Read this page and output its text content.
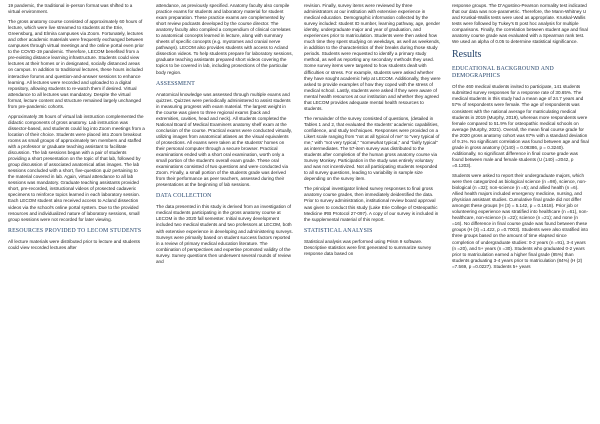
19 pandemic, the traditional in-person format was shifted to a virtual environment.

The gross anatomy course consisted of approximately 60 hours of lecture, which were live streamed to students at the Erie, Greensburg, and Elmira campuses via Zoom. Fortunately, lectures and other academic materials were frequently exchanged between campuses through virtual meetings and the online portal even prior to the COVID-19 pandemic. Therefore, LECOM benefited from a pre-existing distance learning infrastructure. Students could view lectures at their homes or in designated, socially distanced areas on campus. In addition to traditional lectures, these hours included interactive forums and question-and-answer sessions to enhance learning. All lectures were recorded and uploaded to a digital repository, allowing students to re-watch them if desired. Virtual attendance to all lectures was mandatory. Despite the virtual format, lecture content and structure remained largely unchanged from pre-pandemic cohorts.

Approximately 36 hours of virtual lab instruction complemented the didactic components of gross anatomy. Lab instruction was dissector-based, and students could log into Zoom meetings from a location of their choice. Students were placed into Zoom breakout rooms as small groups of approximately ten members and staffed with a professor or graduate teaching assistant to facilitate discussion. The lab sessions began with a pair of students providing a short presentation on the topic of that lab, followed by group discussion of associated anatomical atlas images. The lab sessions concluded with a short, five-question quiz pertaining to the material covered in lab. Again, virtual attendance to all lab sessions was mandatory. Graduate teaching assistants provided short, pre-recorded, instructional videos of prosected cadaveric specimens to reinforce topics learned in each laboratory session. Each LECOM student also received access to Acland dissection videos via the school's online portal system. Due to the provided resources and individualized nature of laboratory sessions, small group sessions were not recorded for later viewing.

RESOURCES PROVIDED TO LECOM STUDENTS

All lecture materials were distributed prior to lecture and students could view recorded lectures after

attendance, as previously specified. Anatomy faculty also compile practice exams for students and laboratory material for student exam preparation. These practice exams are complemented by short review podcasts developed by the course director. The anatomy faculty also compiled a compendium of clinical correlates to anatomical concepts learned in lecture, along with summary sheets of specific concepts (e.g. myotomes and cranial nerve pathways). LECOM also provides students with access to Acland dissection videos. To help students prepare for laboratory sessions, graduate teaching assistants prepared short videos covering the topics to be covered in lab, including prosections of the particular body region.

ASSESSMENT

Anatomical knowledge was assessed through multiple exams and quizzes. Quizzes were periodically administered to assist students in measuring progress with exam material. The largest weight in the course was given to three regional exams (back and extremities, cavities, head and neck). All students completed the National Board of Medical Examiners anatomy shelf exam at the conclusion of the course. Practical exams were conducted virtually, utilizing images from anatomical atlases as the visual equivalents of prosections. All exams were taken at the students' homes on their personal computer through a secure browser. Practical examinations ended with a short oral examination, worth only a small portion of the student's overall exam grade. These oral examinations consisted of two questions and were conducted via Zoom. Finally, a small portion of the students grade was derived from their performance as peer teachers, assessed during their presentations at the beginning of lab sessions.

DATA COLLECTION

The data presented in this study is derived from an investigation of medical students participating in the gross anatomy course at LECOM in the 2020 fall semester. Initial survey development included two medical students and two professors at LECOM, both with extensive experience in developing and administering surveys. Surveys were primarily based on student success factors reported in a review of primary medical education literature. The combination of perspectives and expertise promoted validity of the survey. Survey questions then underwent several rounds of review and

revision. Finally, survey items were reviewed by three administrators at our institution with extensive experience in medical education. Demographic information collected by the survey included: student ID number, learning pathway, age, gender identity, undergraduate major and year of graduation, and experiences prior to matriculation. Students were then asked how much time they spent studying on weekdays, as well as weekends, in addition to the characteristics of their breaks during those study periods. Students were requested to identify a primary study method, as well as reporting any secondary methods they used. Some survey items were targeted to how students dealt with difficulties or stress. For example, students were asked whether they have sought academic help at LECOM. Additionally, they were asked to provide examples of how they coped with the stress of medical school. Lastly, students were asked if they were aware of mental health resources at our institution and whether they agreed that LECOM provides adequate mental health resources to students.

The remainder of the survey consisted of questions, (detailed in Tables 1 and 2, that evaluated the students' academic capabilities, confidence, and study techniques. Responses were provided on a Likert scale ranging from "not at all typical of me" to "very typical of me," with "not very typical," "somewhat typical," and "fairly typical" as intermediates. The 57-item survey was distributed to the students after completion of the human gross anatomy course via Survey Monkey. Participation in the study was entirely voluntary and was not incentivized. Not all participating students responded to all survey questions, leading to variability in sample size depending on the survey item.

The principal investigator linked survey responses to final gross anatomy course grades, then immediately deidentified the data. Prior to survey administration, institutional review board approval was given to conduct this study (Lake Erie College of Osteopathic Medicine IRB Protocol 27-097). A copy of our survey is included in the supplemental material of this report.

STATISTICAL ANALYSIS

Statistical analysis was performed using Prism 9 software. Descriptive statistics were first generated to summarize survey response data based on

response groups. The D'Agostino-Pearson normality test indicated that our data was non-parametric. Therefore, the Mann-Whitney U and Kruskal-Wallis tests were used as appropriate. Kruskal-Wallis tests were followed by Tukey's B post hoc analysis for multiple comparisons. Finally, the correlation between student age and final anatomy course grade was evaluated with a Spearman rank test. We used an alpha of 0.05 to determine statistical significance.

Results
EDUCATIONAL BACKGROUND AND DEMOGRAPHICS

Of the 460 medical students invited to participate, 141 students submitted survey responses for a response rate of 30.65%. The medical students in this study had a mean age of 24.7 years and 57% of respondents were female. The age of respondents was consistent with the national average for matriculating medical students in 2019 (Murphy, 2019), whereas more respondents were female compared to 51.9% for osteopathic medical schools on average (Murphy, 2021). Overall, the mean final course grade for the 2020 gross anatomy cohort was 87% with a standard deviation of 9.1%. No significant correlation was found between age and final grade in gross anatomy (r(140) = 0.08386, p = 0.3240). Additionally, no significant difference in final course grade was found between male and female students (U (140) =2042, p =0.1203).

Students were asked to report their undergraduate majors, which were then categorized as biological science (n =98), science, non-biological (n =32); non-science (n =5); and allied health (n =6). Allied health majors included emergency medicine, nursing, and physician assistant studies. Cumulative final grade did not differ amongst these groups (H (3) = 5.142, p = 0.1618). Prior job or volunteering experience was stratified into healthcare (n =61), non-healthcare, non-science (n =22); science (n =21); and none (n =16). No difference in final course grade was found between these groups (H (3) =1.422, p =0.7003). Students were also stratified into three groups based on the amount of time elapsed since completion of undergraduate studies: 0-2 years (n =91), 3-4 years (n =20), and 5+ years (n =30). Students who graduated 0-2 years prior to matriculation earned a higher final grade (85%) than students graduating 3-4 years prior to matriculation (84%) (H (2) =7.569, p =0.0227). Students 5+ years
